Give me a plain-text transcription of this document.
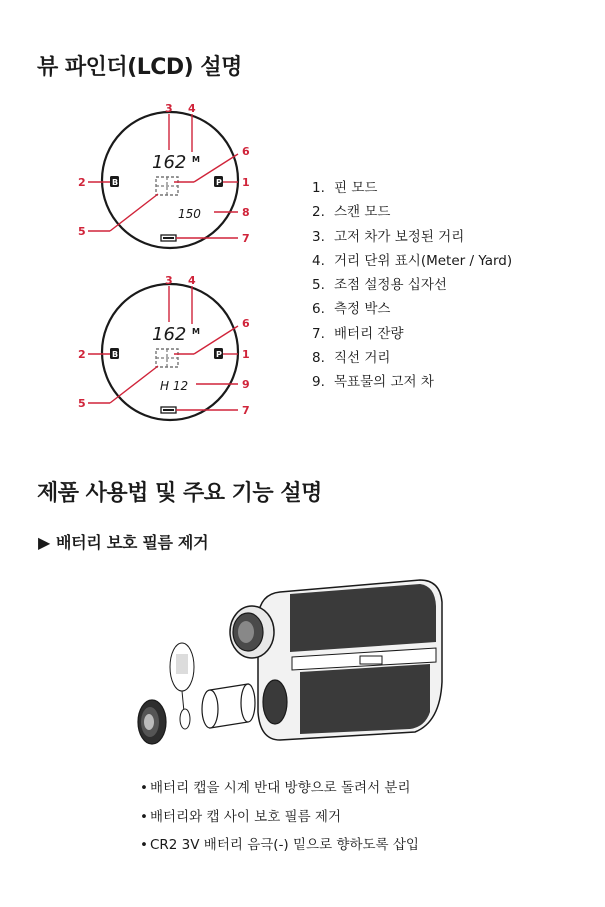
뷰 파인더(LCD) 설명
162 M
B	P
150
3 4
6
2	1
8
5
7
162 M
B	P
H 12
3 4
6
2	1
9
5
7
1. 핀 모드
2. 스캔 모드
3. 고저 차가 보정된 거리
4. 거리 단위 표시(Meter / Yard)
5. 조점 설정용 십자선
6. 측정 박스
7. 배터리 잔량
8. 직선 거리
9. 목표물의 고저 차
제품 사용법 및 주요 기능 설명
▶ 배터리 보호 필름 제거
• 배터리 캡을 시계 반대 방향으로 돌려서 분리
• 배터리와 캡 사이 보호 필름 제거
• CR2 3V 배터리 음극(-) 밑으로 향하도록 삽입
